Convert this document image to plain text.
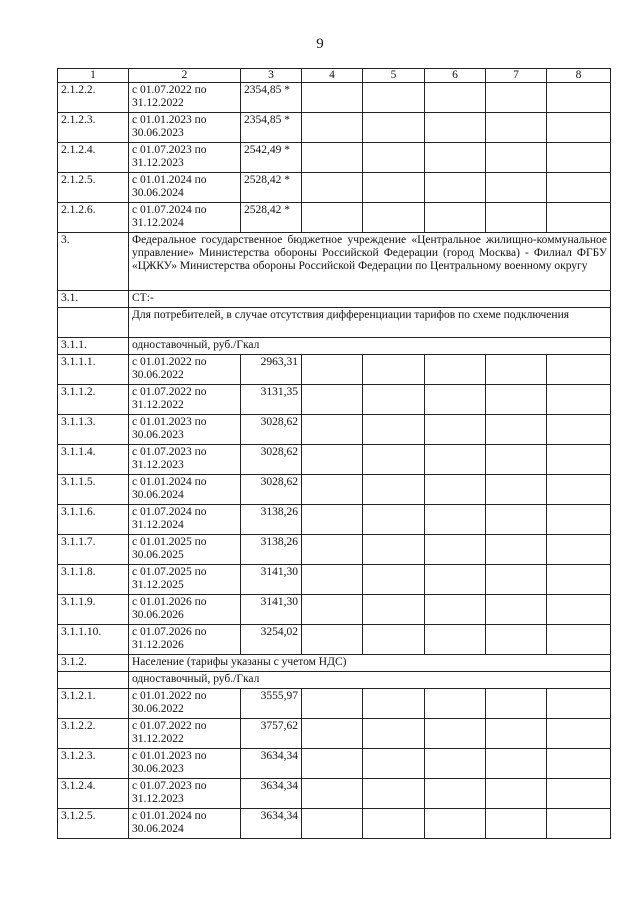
9
1	2	3	4	5	6	7	8
2.1.2.2.	с 01.07.2022 по 31.12.2022	2354,85 *					
2.1.2.3.	с 01.01.2023 по 30.06.2023	2354,85 *					
2.1.2.4.	с 01.07.2023 по 31.12.2023	2542,49 *					
2.1.2.5.	с 01.01.2024 по 30.06.2024	2528,42 *					
2.1.2.6.	с 01.07.2024 по 31.12.2024	2528,42 *					
3.	Федеральное государственное бюджетное учреждение «Центральное жилищно-коммунальное управление» Министерства обороны Российской Федерации (город Москва) - Филиал ФГБУ «ЦЖКУ» Министерства обороны Российской Федерации по Центральному военному округу						
3.1.	СТ:-						
	Для потребителей, в случае отсутствия дифференциации тарифов по схеме подключения						
3.1.1.	одноставочный, руб./Гкал						
3.1.1.1.	с 01.01.2022 по 30.06.2022	2963,31					
3.1.1.2.	с 01.07.2022 по 31.12.2022	3131,35					
3.1.1.3.	с 01.01.2023 по 30.06.2023	3028,62					
3.1.1.4.	с 01.07.2023 по 31.12.2023	3028,62					
3.1.1.5.	с 01.01.2024 по 30.06.2024	3028,62					
3.1.1.6.	с 01.07.2024 по 31.12.2024	3138,26					
3.1.1.7.	с 01.01.2025 по 30.06.2025	3138,26					
3.1.1.8.	с 01.07.2025 по 31.12.2025	3141,30					
3.1.1.9.	с 01.01.2026 по 30.06.2026	3141,30					
3.1.1.10.	с 01.07.2026 по 31.12.2026	3254,02					
3.1.2.	Население (тарифы указаны с учетом НДС)						
	одноставочный, руб./Гкал						
3.1.2.1.	с 01.01.2022 по 30.06.2022	3555,97					
3.1.2.2.	с 01.07.2022 по 31.12.2022	3757,62					
3.1.2.3.	с 01.01.2023 по 30.06.2023	3634,34					
3.1.2.4.	с 01.07.2023 по 31.12.2023	3634,34					
3.1.2.5.	с 01.01.2024 по 30.06.2024	3634,34					
